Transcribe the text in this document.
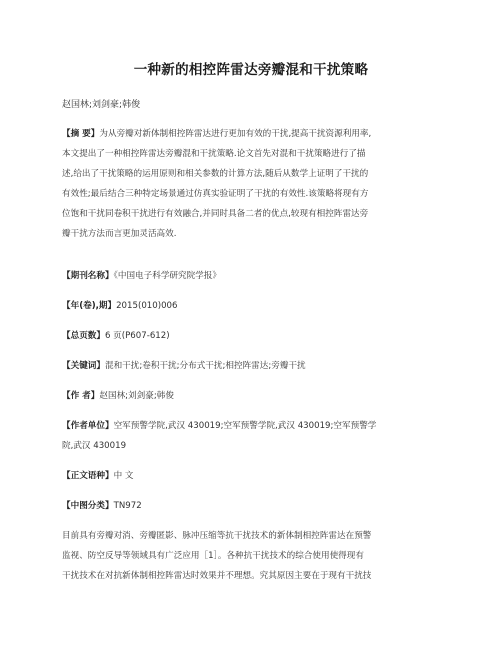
一种新的相控阵雷达旁瓣混和干扰策略
赵国林;刘剑豪;韩俊
【摘 要】为从旁瓣对新体制相控阵雷达进行更加有效的干扰,提高干扰资源利用率,
本文提出了一种相控阵雷达旁瓣混和干扰策略.论文首先对混和干扰策略进行了描
述,给出了干扰策略的运用原则和相关参数的计算方法,随后从数学上证明了干扰的
有效性;最后结合三种特定场景通过仿真实验证明了干扰的有效性.该策略将现有方
位饱和干扰同卷积干扰进行有效融合,并同时具备二者的优点,较现有相控阵雷达旁
瓣干扰方法而言更加灵活高效.
【期刊名称】《中国电子科学研究院学报》
【年(卷),期】2015(010)006
【总页数】6 页(P607-612)
【关键词】混和干扰;卷积干扰;分布式干扰;相控阵雷达;旁瓣干扰
【作 者】赵国林;刘剑豪;韩俊
【作者单位】空军预警学院,武汉 430019;空军预警学院,武汉 430019;空军预警学
院,武汉 430019
【正文语种】中 文
【中图分类】TN972
目前具有旁瓣对消、旁瓣匿影、脉冲压缩等抗干扰技术的新体制相控阵雷达在预警
监视、防空反导等领域具有广泛应用［1］。各种抗干扰技术的综合使用使得现有
干扰技术在对抗新体制相控阵雷达时效果并不理想。究其原因主要在于现有干扰技
